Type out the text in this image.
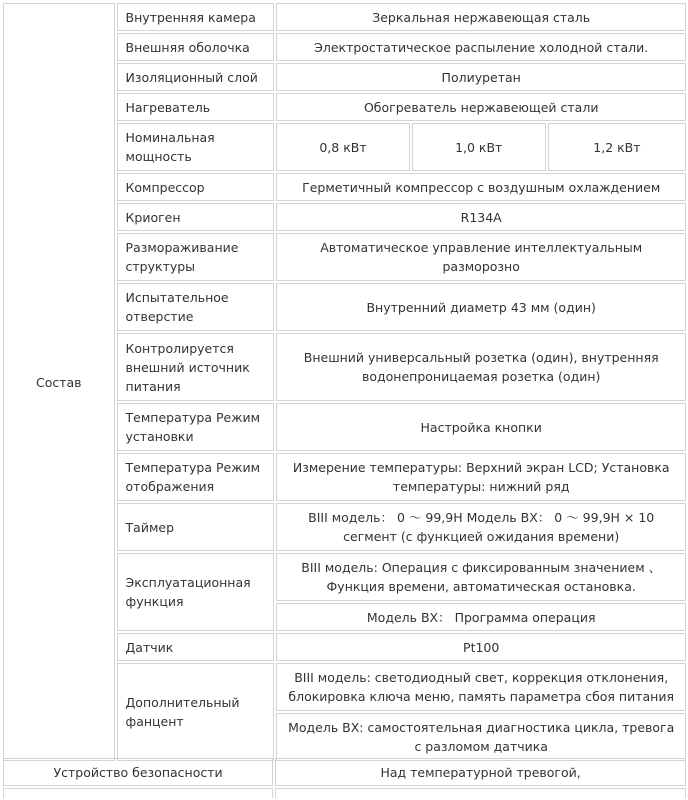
Состав	Внутренняя камера	Зеркальная нержавеющая сталь		
	Внешняя оболочка	Электростатическое распыление холодной стали.		
	Изоляционный слой	Полиуретан		
	Нагреватель	Обогреватель нержавеющей стали		
	Номинальная мощность	0,8 кВт	1,0 кВт	1,2 кВт
	Компрессор	Герметичный компрессор с воздушным охлаждением		
	Криоген	R134A		
	Размораживание структуры	Автоматическое управление интеллектуальным разморозно		
	Испытательное отверстие	Внутренний диаметр 43 мм (один)		
	Контролируется внешний источник питания	Внешний универсальный розетка (один), внутренняя водонепроницаемая розетка (один)		
	Температура Режим установки	Настройка кнопки		
	Температура Режим отображения	Измерение температуры: Верхний экран LCD; Установка температуры: нижний ряд		
	Таймер	BIII модель： 0 ～ 99,9H Модель BX： 0 ～ 99,9H × 10 сегмент (с функцией ожидания времени)		
	Эксплуатационная функция	BIII модель: Операция с фиксированным значением 、Функция времени, автоматическая остановка.		
		Модель BX： Программа операция		
	Датчик	Pt100		
	Дополнительный фанцент	BIII модель: светодиодный свет, коррекция отклонения, блокировка ключа меню, память параметра сбоя питания		
		Модель BX: самостоятельная диагностика цикла, тревога с разломом датчика		
Устройство безопасности	Над температурной тревогой,
